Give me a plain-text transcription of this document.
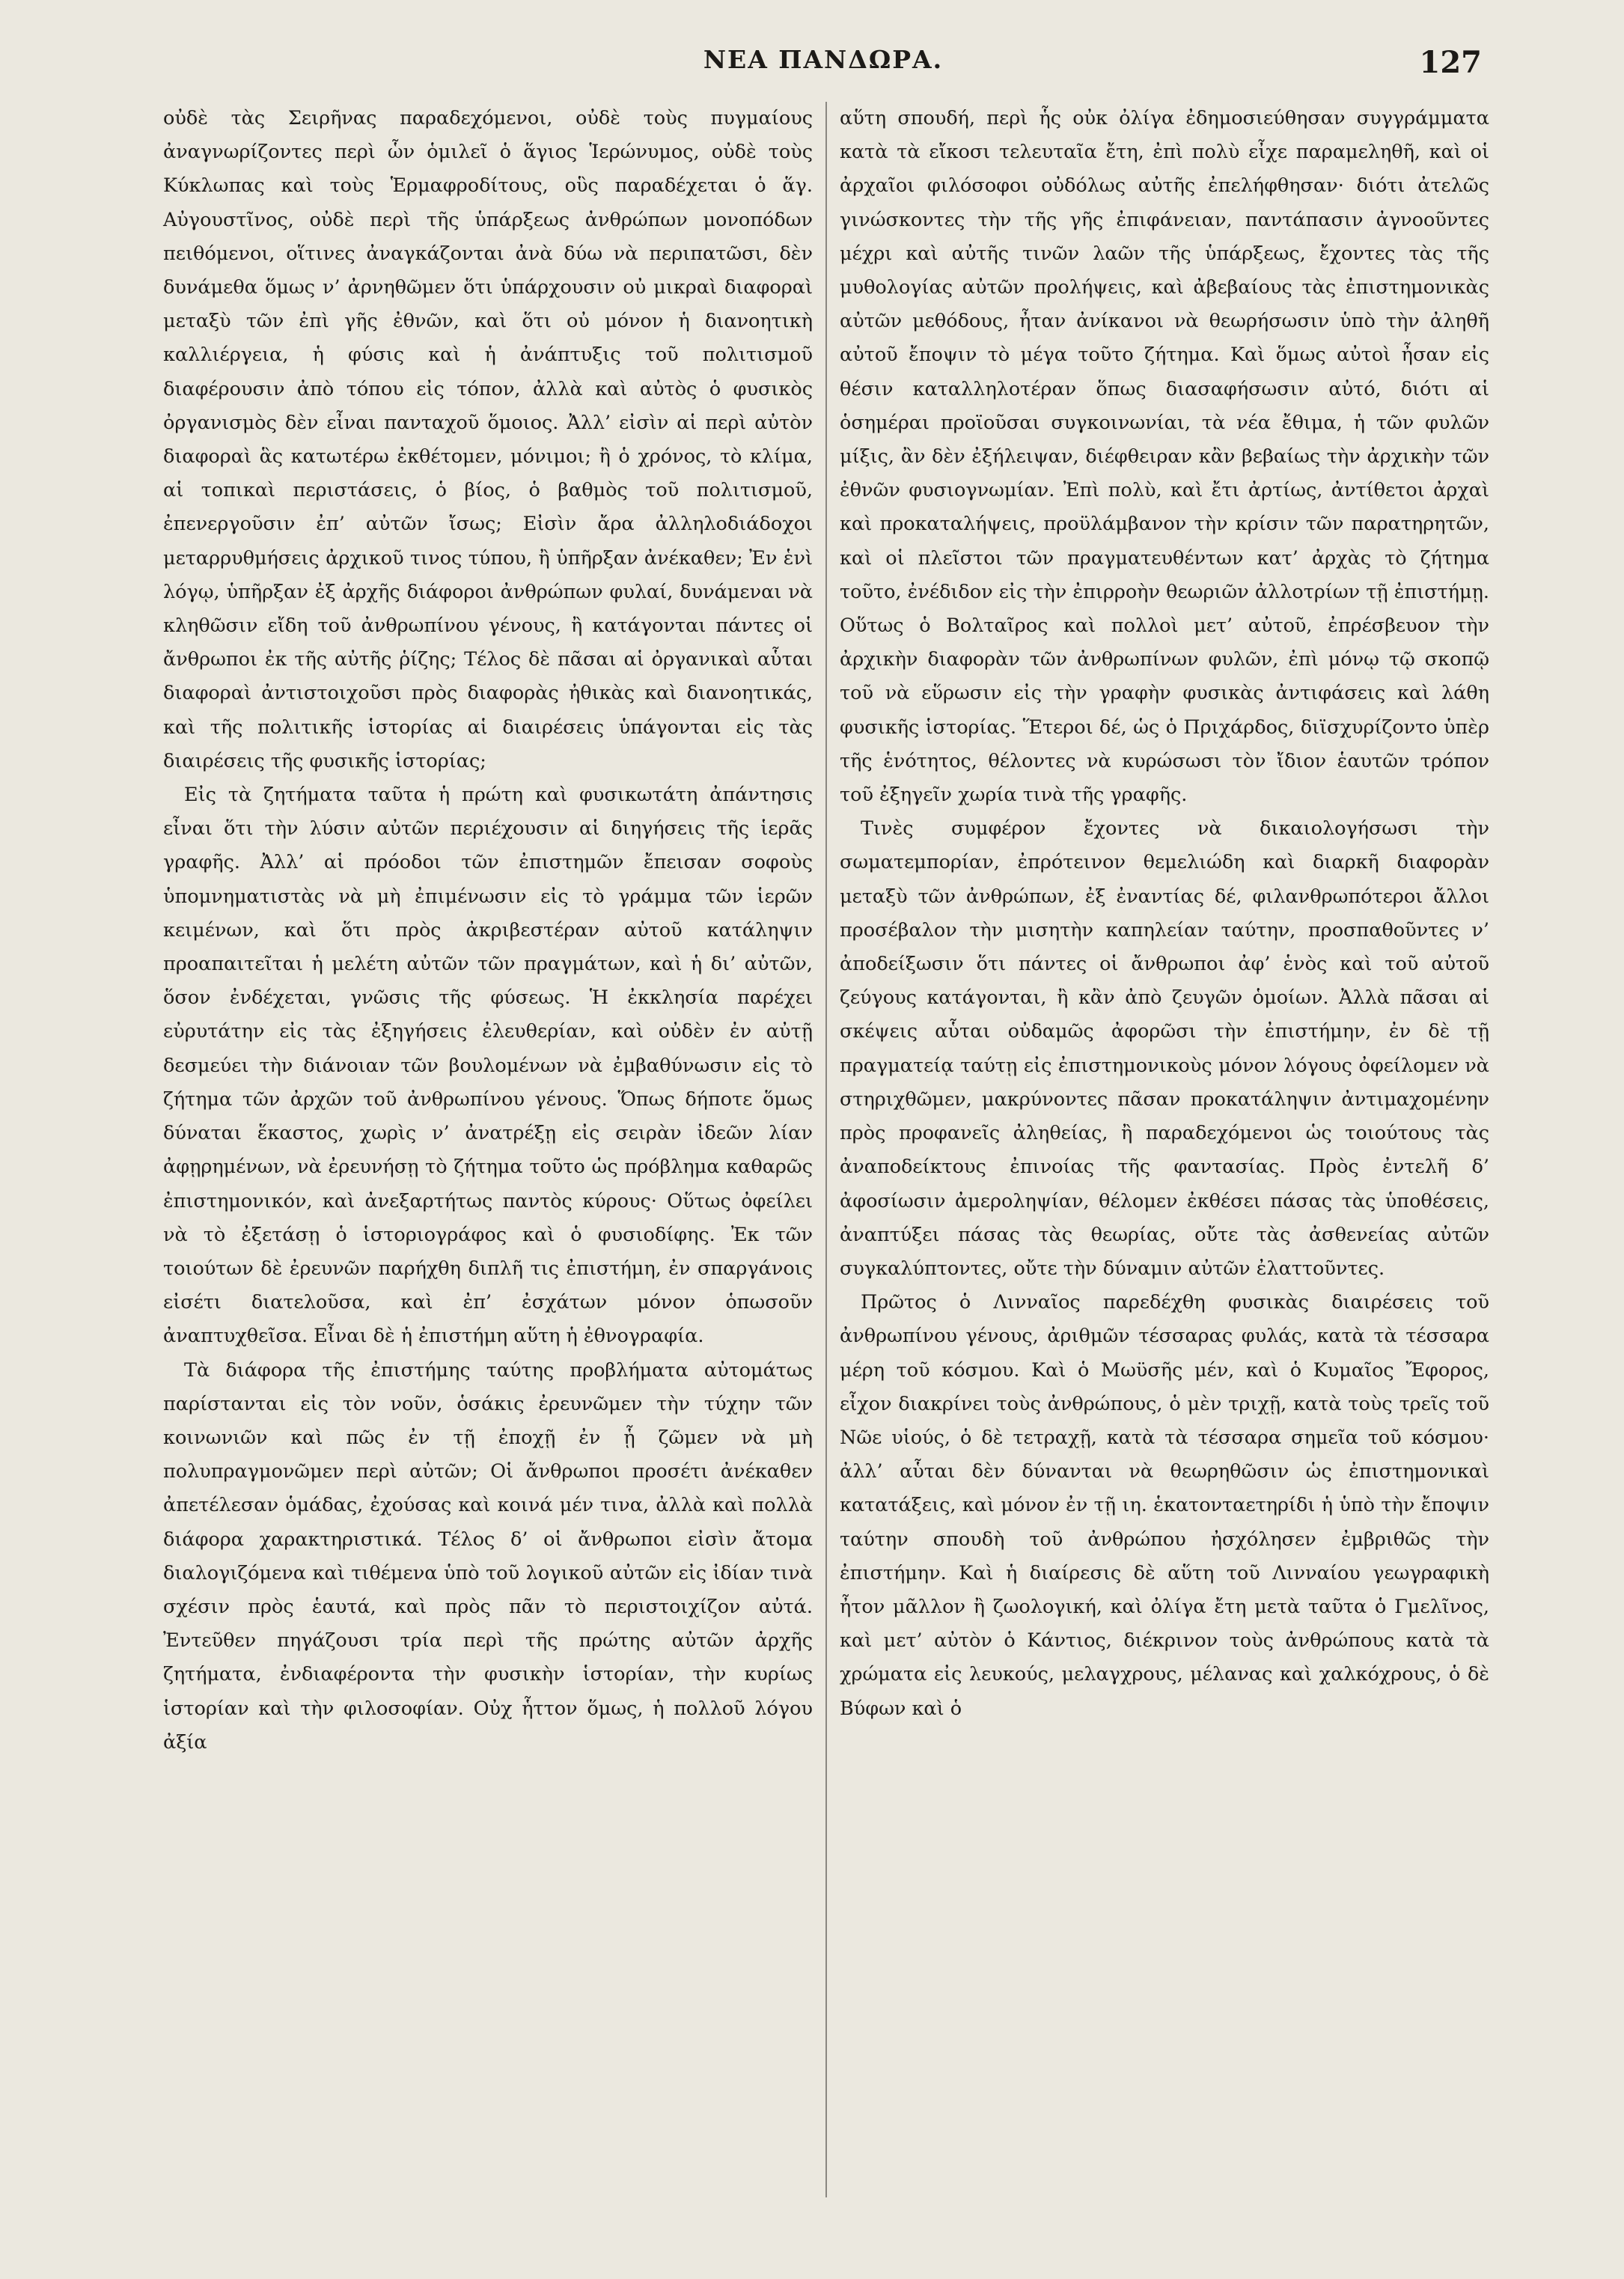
ΝΕΑ ΠΑΝΔΩΡΑ.	127

οὐδὲ τὰς Σειρῆνας παραδεχόμενοι, οὐδὲ τοὺς πυγμαίους ἀναγνωρίζοντες περὶ ὧν ὁμιλεῖ ὁ ἅγιος Ἱερώνυμος, οὐδὲ τοὺς Κύκλωπας καὶ τοὺς Ἑρμαφροδίτους, οὓς παραδέχεται ὁ ἅγ. Αὐγουστῖνος, οὐδὲ περὶ τῆς ὑπάρξεως ἀνθρώπων μονοπόδων πειθόμενοι, οἵτινες ἀναγκάζονται ἀνὰ δύω νὰ περιπατῶσι, δὲν δυνάμεθα ὅμως ν’ ἀρνηθῶμεν ὅτι ὑπάρχουσιν οὐ μικραὶ διαφοραὶ μεταξὺ τῶν ἐπὶ γῆς ἐθνῶν, καὶ ὅτι οὐ μόνον ἡ διανοητικὴ καλλιέργεια, ἡ φύσις καὶ ἡ ἀνάπτυξις τοῦ πολιτισμοῦ διαφέρουσιν ἀπὸ τόπου εἰς τόπον, ἀλλὰ καὶ αὐτὸς ὁ φυσικὸς ὀργανισμὸς δὲν εἶναι πανταχοῦ ὅμοιος. Ἀλλ’ εἰσὶν αἱ περὶ αὐτὸν διαφοραὶ ἃς κατωτέρω ἐκθέτομεν, μόνιμοι; ἢ ὁ χρόνος, τὸ κλίμα, αἱ τοπικαὶ περιστάσεις, ὁ βίος, ὁ βαθμὸς τοῦ πολιτισμοῦ, ἐπενεργοῦσιν ἐπ’ αὐτῶν ἴσως; Εἰσὶν ἄρα ἀλληλοδιάδοχοι μεταρρυθμήσεις ἀρχικοῦ τινος τύπου, ἢ ὑπῆρξαν ἀνέκαθεν; Ἐν ἑνὶ λόγῳ, ὑπῆρξαν ἐξ ἀρχῆς διάφοροι ἀνθρώπων φυλαί, δυνάμεναι νὰ κληθῶσιν εἴδη τοῦ ἀνθρωπίνου γένους, ἢ κατάγονται πάντες οἱ ἄνθρωποι ἐκ τῆς αὐτῆς ῥίζης; Τέλος δὲ πᾶσαι αἱ ὀργανικαὶ αὗται διαφοραὶ ἀντιστοιχοῦσι πρὸς διαφορὰς ἠθικὰς καὶ διανοητικάς, καὶ τῆς πολιτικῆς ἱστορίας αἱ διαιρέσεις ὑπάγονται εἰς τὰς διαιρέσεις τῆς φυσικῆς ἱστορίας;

Εἰς τὰ ζητήματα ταῦτα ἡ πρώτη καὶ φυσικωτάτη ἀπάντησις εἶναι ὅτι τὴν λύσιν αὐτῶν περιέχουσιν αἱ διηγήσεις τῆς ἱερᾶς γραφῆς. Ἀλλ’ αἱ πρόοδοι τῶν ἐπιστημῶν ἔπεισαν σοφοὺς ὑπομνηματιστὰς νὰ μὴ ἐπιμένωσιν εἰς τὸ γράμμα τῶν ἱερῶν κειμένων, καὶ ὅτι πρὸς ἀκριβεστέραν αὐτοῦ κατάληψιν προαπαιτεῖται ἡ μελέτη αὐτῶν τῶν πραγμάτων, καὶ ἡ δι’ αὐτῶν, ὅσον ἐνδέχεται, γνῶσις τῆς φύσεως. Ἡ ἐκκλησία παρέχει εὐρυτάτην εἰς τὰς ἐξηγήσεις ἐλευθερίαν, καὶ οὐδὲν ἐν αὐτῇ δεσμεύει τὴν διάνοιαν τῶν βουλομένων νὰ ἐμβαθύνωσιν εἰς τὸ ζήτημα τῶν ἀρχῶν τοῦ ἀνθρωπίνου γένους. Ὅπως δήποτε ὅμως δύναται ἕκαστος, χωρὶς ν’ ἀνατρέξῃ εἰς σειρὰν ἰδεῶν λίαν ἀφῃρημένων, νὰ ἐρευνήσῃ τὸ ζήτημα τοῦτο ὡς πρόβλημα καθαρῶς ἐπιστημονικόν, καὶ ἀνεξαρτήτως παντὸς κύρους· Οὕτως ὀφείλει νὰ τὸ ἐξετάσῃ ὁ ἱστοριογράφος καὶ ὁ φυσιοδίφης. Ἐκ τῶν τοιούτων δὲ ἐρευνῶν παρήχθη διπλῆ τις ἐπιστήμη, ἐν σπαργάνοις εἰσέτι διατελοῦσα, καὶ ἐπ’ ἐσχάτων μόνον ὁπωσοῦν ἀναπτυχθεῖσα. Εἶναι δὲ ἡ ἐπιστήμη αὕτη ἡ ἐθνογραφία.

Τὰ διάφορα τῆς ἐπιστήμης ταύτης προβλήματα αὐτομάτως παρίστανται εἰς τὸν νοῦν, ὁσάκις ἐρευνῶμεν τὴν τύχην τῶν κοινωνιῶν καὶ πῶς ἐν τῇ ἐποχῇ ἐν ᾗ ζῶμεν νὰ μὴ πολυπραγμονῶμεν περὶ αὐτῶν; Οἱ ἄνθρωποι προσέτι ἀνέκαθεν ἀπετέλεσαν ὁμάδας, ἐχούσας καὶ κοινά μέν τινα, ἀλλὰ καὶ πολλὰ διάφορα χαρακτηριστικά. Τέλος δ’ οἱ ἄνθρωποι εἰσὶν ἄτομα διαλογιζόμενα καὶ τιθέμενα ὑπὸ τοῦ λογικοῦ αὐτῶν εἰς ἰδίαν τινὰ σχέσιν πρὸς ἑαυτά, καὶ πρὸς πᾶν τὸ περιστοιχίζον αὐτά. Ἐντεῦθεν πηγάζουσι τρία περὶ τῆς πρώτης αὐτῶν ἀρχῆς ζητήματα, ἐνδιαφέροντα τὴν φυσικὴν ἱστορίαν, τὴν κυρίως ἱστορίαν καὶ τὴν φιλοσοφίαν. Οὐχ ἧττον ὅμως, ἡ πολλοῦ λόγου ἀξία

αὕτη σπουδή, περὶ ἧς οὐκ ὀλίγα ἐδημοσιεύθησαν συγγράμματα κατὰ τὰ εἴκοσι τελευταῖα ἔτη, ἐπὶ πολὺ εἶχε παραμεληθῆ, καὶ οἱ ἀρχαῖοι φιλόσοφοι οὐδόλως αὐτῆς ἐπελήφθησαν· διότι ἀτελῶς γινώσκοντες τὴν τῆς γῆς ἐπιφάνειαν, παντάπασιν ἀγνοοῦντες μέχρι καὶ αὐτῆς τινῶν λαῶν τῆς ὑπάρξεως, ἔχοντες τὰς τῆς μυθολογίας αὐτῶν προλήψεις, καὶ ἀβεβαίους τὰς ἐπιστημονικὰς αὐτῶν μεθόδους, ἦταν ἀνίκανοι νὰ θεωρήσωσιν ὑπὸ τὴν ἀληθῆ αὐτοῦ ἔποψιν τὸ μέγα τοῦτο ζήτημα. Καὶ ὅμως αὐτοὶ ἦσαν εἰς θέσιν καταλληλοτέραν ὅπως διασαφήσωσιν αὐτό, διότι αἱ ὁσημέραι προϊοῦσαι συγκοινωνίαι, τὰ νέα ἔθιμα, ἡ τῶν φυλῶν μίξις, ἂν δὲν ἐξήλειψαν, διέφθειραν κἂν βεβαίως τὴν ἀρχικὴν τῶν ἐθνῶν φυσιογνωμίαν. Ἐπὶ πολὺ, καὶ ἔτι ἀρτίως, ἀντίθετοι ἀρχαὶ καὶ προκαταλήψεις, προϋλάμβανον τὴν κρίσιν τῶν παρατηρητῶν, καὶ οἱ πλεῖστοι τῶν πραγματευθέντων κατ’ ἀρχὰς τὸ ζήτημα τοῦτο, ἐνέδιδον εἰς τὴν ἐπιρροὴν θεωριῶν ἀλλοτρίων τῇ ἐπιστήμῃ. Οὕτως ὁ Βολταῖρος καὶ πολλοὶ μετ’ αὐτοῦ, ἐπρέσβευον τὴν ἀρχικὴν διαφορὰν τῶν ἀνθρωπίνων φυλῶν, ἐπὶ μόνῳ τῷ σκοπῷ τοῦ νὰ εὕρωσιν εἰς τὴν γραφὴν φυσικὰς ἀντιφάσεις καὶ λάθη φυσικῆς ἱστορίας. Ἕτεροι δέ, ὡς ὁ Πριχάρδος, διϊσχυρίζοντο ὑπὲρ τῆς ἑνότητος, θέλοντες νὰ κυρώσωσι τὸν ἴδιον ἑαυτῶν τρόπον τοῦ ἐξηγεῖν χωρία τινὰ τῆς γραφῆς.

Τινὲς συμφέρον ἔχοντες νὰ δικαιολογήσωσι τὴν σωματεμπορίαν, ἐπρότεινον θεμελιώδη καὶ διαρκῆ διαφορὰν μεταξὺ τῶν ἀνθρώπων, ἐξ ἐναντίας δέ, φιλανθρωπότεροι ἄλλοι προσέβαλον τὴν μισητὴν καπηλείαν ταύτην, προσπαθοῦντες ν’ ἀποδείξωσιν ὅτι πάντες οἱ ἄνθρωποι ἀφ’ ἑνὸς καὶ τοῦ αὐτοῦ ζεύγους κατάγονται, ἢ κἂν ἀπὸ ζευγῶν ὁμοίων. Ἀλλὰ πᾶσαι αἱ σκέψεις αὗται οὐδαμῶς ἀφορῶσι τὴν ἐπιστήμην, ἐν δὲ τῇ πραγματείᾳ ταύτῃ εἰς ἐπιστημονικοὺς μόνον λόγους ὀφείλομεν νὰ στηριχθῶμεν, μακρύνοντες πᾶσαν προκατάληψιν ἀντιμαχομένην πρὸς προφανεῖς ἀληθείας, ἢ παραδεχόμενοι ὡς τοιούτους τὰς ἀναποδείκτους ἐπινοίας τῆς φαντασίας. Πρὸς ἐντελῆ δ’ ἀφοσίωσιν ἀμεροληψίαν, θέλομεν ἐκθέσει πάσας τὰς ὑποθέσεις, ἀναπτύξει πάσας τὰς θεωρίας, οὔτε τὰς ἀσθενείας αὐτῶν συγκαλύπτοντες, οὔτε τὴν δύναμιν αὐτῶν ἐλαττοῦντες.

Πρῶτος ὁ Λινναῖος παρεδέχθη φυσικὰς διαιρέσεις τοῦ ἀνθρωπίνου γένους, ἀριθμῶν τέσσαρας φυλάς, κατὰ τὰ τέσσαρα μέρη τοῦ κόσμου. Καὶ ὁ Μωϋσῆς μέν, καὶ ὁ Κυμαῖος Ἔφορος, εἶχον διακρίνει τοὺς ἀνθρώπους, ὁ μὲν τριχῇ, κατὰ τοὺς τρεῖς τοῦ Νῶε υἱούς, ὁ δὲ τετραχῇ, κατὰ τὰ τέσσαρα σημεῖα τοῦ κόσμου· ἀλλ’ αὗται δὲν δύνανται νὰ θεωρηθῶσιν ὡς ἐπιστημονικαὶ κατατάξεις, καὶ μόνον ἐν τῇ ιη. ἑκατονταετηρίδι ἡ ὑπὸ τὴν ἔποψιν ταύτην σπουδὴ τοῦ ἀνθρώπου ἠσχόλησεν ἐμβριθῶς τὴν ἐπιστήμην. Καὶ ἡ διαίρεσις δὲ αὕτη τοῦ Λινναίου γεωγραφικὴ ἦτον μᾶλλον ἢ ζωολογική, καὶ ὀλίγα ἔτη μετὰ ταῦτα ὁ Γμελῖνος, καὶ μετ’ αὐτὸν ὁ Κάντιος, διέκρινον τοὺς ἀνθρώπους κατὰ τὰ χρώματα εἰς λευκούς, μελαγχρους, μέλανας καὶ χαλκόχρους, ὁ δὲ Βύφων καὶ ὁ
